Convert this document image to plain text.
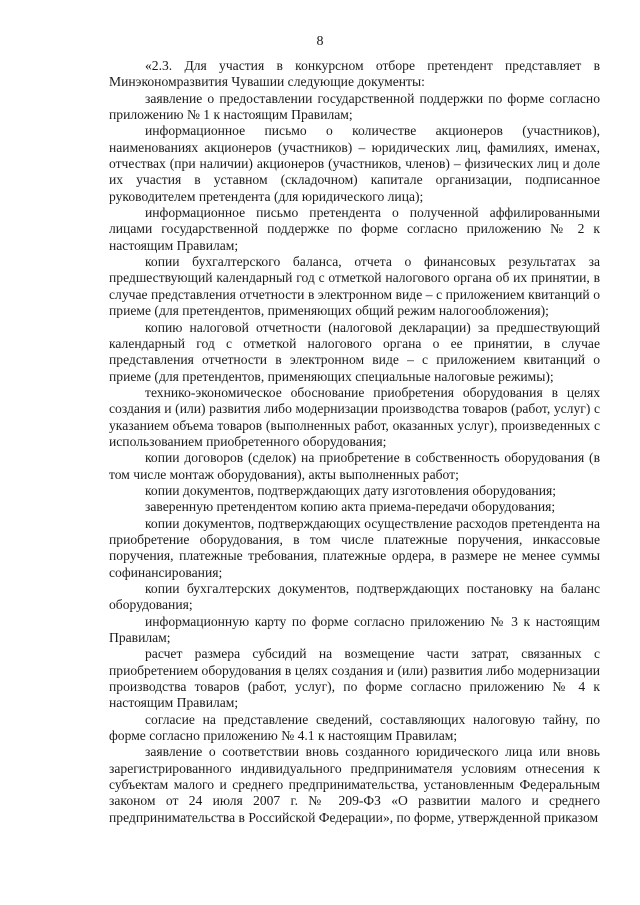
8

«2.3. Для участия в конкурсном отборе претендент представляет в Минэкономразвития Чувашии следующие документы:

заявление о предоставлении государственной поддержки по форме согласно приложению № 1 к настоящим Правилам;

информационное письмо о количестве акционеров (участников), наименованиях акционеров (участников) – юридических лиц, фамилиях, именах, отчествах (при наличии) акционеров (участников, членов) – физических лиц и доле их участия в уставном (складочном) капитале организации, подписанное руководителем претендента (для юридического лица);

информационное письмо претендента о полученной аффилированными лицами государственной поддержке по форме согласно приложению № 2 к настоящим Правилам;

копии бухгалтерского баланса, отчета о финансовых результатах за предшествующий календарный год с отметкой налогового органа об их принятии, в случае представления отчетности в электронном виде – с приложением квитанций о приеме (для претендентов, применяющих общий режим налогообложения);

копию налоговой отчетности (налоговой декларации) за предшествующий календарный год с отметкой налогового органа о ее принятии, в случае представления отчетности в электронном виде – с приложением квитанций о приеме (для претендентов, применяющих специальные налоговые режимы);

технико-экономическое обоснование приобретения оборудования в целях создания и (или) развития либо модернизации производства товаров (работ, услуг) с указанием объема товаров (выполненных работ, оказанных услуг), произведенных с использованием приобретенного оборудования;

копии договоров (сделок) на приобретение в собственность оборудования (в том числе монтаж оборудования), акты выполненных работ;

копии документов, подтверждающих дату изготовления оборудования;

заверенную претендентом копию акта приема-передачи оборудования;

копии документов, подтверждающих осуществление расходов претендента на приобретение оборудования, в том числе платежные поручения, инкассовые поручения, платежные требования, платежные ордера, в размере не менее суммы софинансирования;

копии бухгалтерских документов, подтверждающих постановку на баланс оборудования;

информационную карту по форме согласно приложению № 3 к настоящим Правилам;

расчет размера субсидий на возмещение части затрат, связанных с приобретением оборудования в целях создания и (или) развития либо модернизации производства товаров (работ, услуг), по форме согласно приложению № 4 к настоящим Правилам;

согласие на представление сведений, составляющих налоговую тайну, по форме согласно приложению № 4.1 к настоящим Правилам;

заявление о соответствии вновь созданного юридического лица или вновь зарегистрированного индивидуального предпринимателя условиям отнесения к субъектам малого и среднего предпринимательства, установленным Федеральным законом от 24 июля 2007 г. № 209-ФЗ «О развитии малого и среднего предпринимательства в Российской Федерации», по форме, утвержденной приказом
